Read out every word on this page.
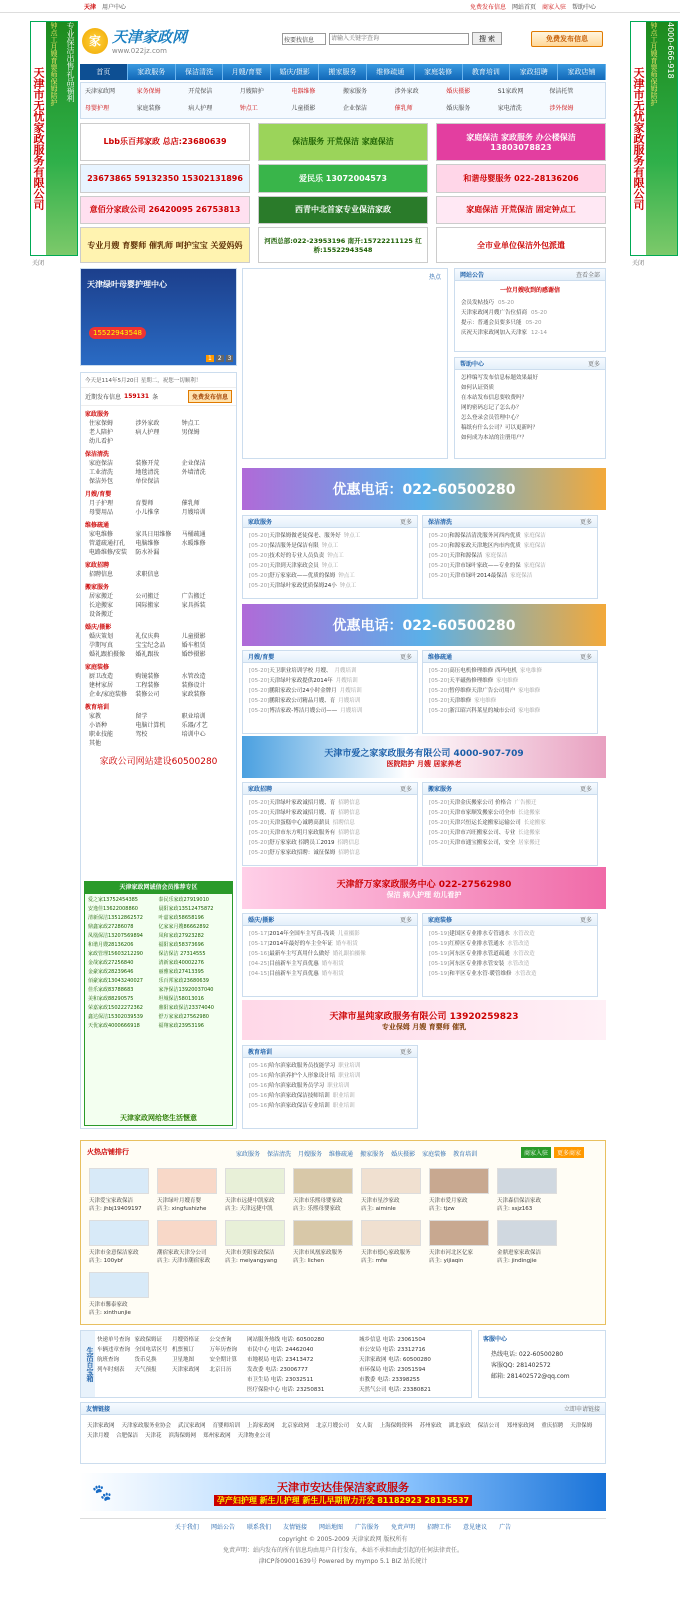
天津 用户中心	免费发布信息 网站首页 商家入驻 帮助中心
天津市无忧家政服务有限公司
钟点工月嫂育婴师保姆陪护	专业保洁出售礼品福利
天津市无忧家政服务有限公司
钟点工月嫂育婴师保姆陪护	4000-666-918
关闭	关闭
家 天津家政网
www.022jz.com
按要找信息
请输入关键字查询	搜 索	免费发布信息
首页	家政服务	保洁清洗	月嫂/育婴	婚庆/摄影	搬家服务	维修疏通	家庭装修	教育培训	家政招聘	家政店铺
天津家政网	家务保姆	开荒保洁	月嫂陪护	电器维修	搬家服务	涉外家政	婚庆摄影	S1家政网	保洁托管
母婴护理	家庭装修	病人护理	钟点工	儿童摄影	企业保洁	催乳师	婚庆服务	家电清洗	涉外保姆
Lbb乐百邦家政 总店:23680639	保洁服务 开荒保洁 家庭保洁	家庭保洁 家政服务 办公楼保洁 13803078823
23673865 59132350 15302131896	爱民乐 13072004573	和谐母婴服务 022-28136206
意佰分家政公司 26420095 26753813	西青中北首家专业保洁家政	家庭保洁 开荒保洁 固定钟点工
专业月嫂 育婴师 催乳师 呵护宝宝 关爱妈妈	河西总部:022-23953196 南开:15722211125 红桥:15522943548
全市业单位保洁外包派遣
天津绿叶母婴护理中心
15522943548
1	2	3
热点	网站公告	查看全部
一位月嫂收到的感谢信
会员发帖技巧 05-20
天津家政网月嫂广告位招商 05-20
提示：普通会员要多只能 05-20
庆祝天津家政网加入天津家 12-14
帮助中心	更多
怎样编写发布信息标题效果最好
如何认证资质
在本站发布信息要收费吗？
网的密码忘记了怎么办？
怎么登录会员管理中心？
稿纸有什么公司？可以更新吗？
如何成为本站的注册用户？
今天是114年5月20日 星期二，祝您一切顺利！
近期发布信息 159131 条	免费发布信息
家政服务
住家保姆	涉外家政	钟点工
老人陪护	病人护理	男保姆
幼儿看护
保洁清洗
家庭保洁	装修开荒	企业保洁
工业清洗	地毯清洗	外墙清洗
保洁外包	单位保洁
月嫂/育婴
月子护理	育婴师	催乳师
母婴用品	小儿推拿	月嫂培训
维修疏通
家电维修	家具日用维修	马桶疏通
管道疏通打孔	电脑维修	水暖维修
电路维修/安装	防水补漏
家政招聘
招聘信息	求职信息
搬家服务
居家搬迁	公司搬迁	广告搬迁
长途搬家	国际搬家	家具拆装
设备搬迁
婚庆/摄影
婚庆策划	礼仪庆典	儿童摄影
孕期写真	宝宝纪念品	婚车租赁
婚礼跟拍摄像	婚礼跟妆	婚纱摄影
家庭装修
厨卫改造	购镜装修	水管改造
建材家居	工程装修	装修设计
企业/家庭装修	装修公司	家政装修
教育培训
家教	留学	职业培训
小语种	电脑计算机	乐器/才艺
职业技能	驾校	培训中心
其他
家政公司网站建设60500280
天津家政网诚信会员推荐专区
爱之家13752454385	泰民乐家政27919010
安逸佳13622008860	晨阳家政13512475872
清新保洁13512862572	叶嘉家政58658196
鼎鑫家政27286078	亿家家月嫂86662892
凤凰保洁13207569894	凤和家政27923282
和谐月嫂28136206	福阳家政58373696
家政管理15603212290	保洁保洁 27314555
金哉家政27256840	清新家政40002276
金豪家政28239646	丽雅家政27413395
佰豪家政13043240027	乐百邦家政23680639
佳乐家政83788683	家净保洁13920037040
美和家政88290575	坦城保洁58013016
荣嘉家政15022272362	鼎阳家政保洁23374040
鑫达保洁15302039539	舒万家家政27562980
天优家政4000666918	福翔家政23953196
天津家政网给您生活惬意
优惠电话：022-60500280
家政服务	更多
[05-20]天津保姆做老徒保老、服务好 钟点工
[05-20]保洁服务是保洁有限 钟点工
[05-20]技术好的专业人员负责 钟点工
[05-20]天津到天津家政会员 钟点工
[05-20]舒万家家政——优质的保姆 钟点工
[05-20]天津绿叶家政优质保姆24小 钟点工
保洁清洗	更多
[05-20]和源保洁清洗服务河西内优质 家庭保洁
[05-20]和源家政天津地区内市内优质 家庭保洁
[05-20]天津和源保洁 家庭保洁
[05-20]天津市绿叶家政——专业的保 家庭保洁
[05-20]天津市绿叶2014最保洁 家庭保洁
月嫂/育婴	更多
[05-20]天卫职业培训学校 月嫂、 月嫂培训
[05-20]天津绿叶家政提供2014年 月嫂培训
[05-20]鹏阳家政公司24小时金牌月 月嫂培训
[05-20]鹏阳家政公司精品月嫂、育 月嫂培训
[05-20]博洁家政-博洁月嫂公司—— 月嫂培训
维修疏通	更多
[05-20]高压电机修理维修 西玛电机 家电维修
[05-20]天平磁热修理维修 家电维修
[05-20]暂停维修天津广告公司用户 家电维修
[05-20]天津维修 家电维修
[05-20]浙江昭兴科莱星的城市公司 家电维修
家政招聘	更多
[05-20]天津绿叶家政诚招月嫂、育 招聘信息
[05-20]天津绿叶家政诚招月嫂、育 招聘信息
[05-20]天津蛋糕中心诚聘高薪员 招聘信息
[05-20]天津市东方明月家政服务有 招聘信息
[05-20]舒万家家政 招聘员工2019 招聘信息
[05-20]舒万家家政招聘：诚征保姆 招聘信息
搬家服务	更多
[05-20]天津金庆搬家公司 价格合 广告搬迁
[05-20]天津市家顺发搬家公司全市 长途搬家
[05-20]天津兴恒运长途搬家运输公司 长途搬家
[05-20]天津市兴旺搬家公司、专业 长途搬家
[05-20]天津市通宝搬家公司，安全 居家搬迁
婚庆/摄影	更多
[05-17]2014年全国车主写真-浅谈 儿童摄影
[05-17]2014年最好的车主全年证 婚车租赁
[05-16]最新车主写真用什么做好 婚礼跟拍摄像
[04-25]目前新车主写真优惠 婚车租赁
[04-15]目前新车主写真优惠 婚车租赁
家庭装修	更多
[05-19]建国区专业排水专管通水 水管改造
[05-19]红桥区专业排水管通水 水管改造
[05-19]河东区专业排水管道疏通 水管改造
[05-19]河东区专业排水管安装 水管改造
[05-19]和平区专业水管·暖管维修 水管改造
教育培训	更多
[05-16]哈尔滨家政服务员技能学习 职业培训
[05-16]哈尔滨养护个人形象设计培 职业培训
[05-16]哈尔滨家政服务员学习 职业培训
[05-16]哈尔滨家政保洁技师培训 职业培训
[05-16]哈尔滨家政保洁专业培训 职业培训
优惠电话：022-60500280
天津市爱之家家政服务有限公司 4000-907-709
医院陪护 月嫂 居家养老
天津舒万家家政服务中心 022-27562980
保洁 病人护理 幼儿看护
天津市星纯家政服务有限公司 13920259823
专业保姆 月嫂 育婴师 催乳
火热店铺排行	家政服务 保洁清洗 月嫂服务 维修疏通 搬家服务 婚庆摄影 家庭装修 教育培训	商家入驻	更多商家
天津爱宝家政保洁
店主: jhbj19409197
天津绿叶月嫂育婴
店主: xingfushizhe
天津市远捷中凯家政
店主: 天津远捷中凯
天津市乐熙母婴家政
店主: 乐熙母婴家政
天津市星沙家政
店主: aiminle
天津市爱月家政
店主: tjzw
天津森信保洁家政
店主: ssjz163
天津市金意保洁家政
店主: 100ybf
潮宿家政天津分公司
店主: 天津市潮宿家政
天津市美阳家政保洁
店主: meiyangyang
天津市凤凰家政服务
店主: lichen
天津市德心家政服务
店主: mfw
天津市河北区亿家
店主: yijiaqin
金鼎进家家政保洁
店主: jindingjie
天津市馨泰家政
店主: xinthunjie
生活百宝箱
快递单号查询 家政保姆证	月嫂资格证	公交查询
车辆违章查询 全国电话区号 机票预订	万年历查询
航班查询	货币兑换	卫星地图	安全期计算
列车时刻表	天气预报	天津家政网	北京日历
网站服务热线 电话: 60500280	城乡信息 电话: 23061504
市民中心 电话: 24462040	市公安局 电话: 23312716
市地税局 电话: 23413472	天津家政网 电话: 60500280
发改委 电话: 23006777	市环保局 电话: 23051594
市卫生局 电话: 23032511	市教委 电话: 23398255
医疗保险中心 电话: 23250831	天然气公司 电话: 23380821
客服中心
热线电话: 022-60500280
客服QQ: 281402572
邮箱: 281402572@qq.com
友情链接	立即申请链接
天津家政网 天津家政服务业协会 武汉家政网 育婴师培训 上海家政网 北京家政网 北京月嫂公司 女人街 上海保姆资料 苏州家政 湖北家政 保洁公司 郑州家政网 重庆招聘 天津保姆
天津月嫂 合肥保洁 天津花 滨海保姆网 郑州家政网 天津物业公司
🐾	天津市安达佳保洁家政服务
孕产妇护理 新生儿护理 新生儿早期智力开发 81182923 28135537
关于我们 网站公告 联系我们 友情链接 网站地图 广告服务 免责声明 招聘工作 意见建议 广告
copyright © 2005-2009 天津家政网 版权所有
免责声明：站内发布的所有信息均由用户自行发布，本站不承担由此引起的任何法律责任。
津ICP备09001639号 Powered by mympo 5.1 BIZ 站长统计
